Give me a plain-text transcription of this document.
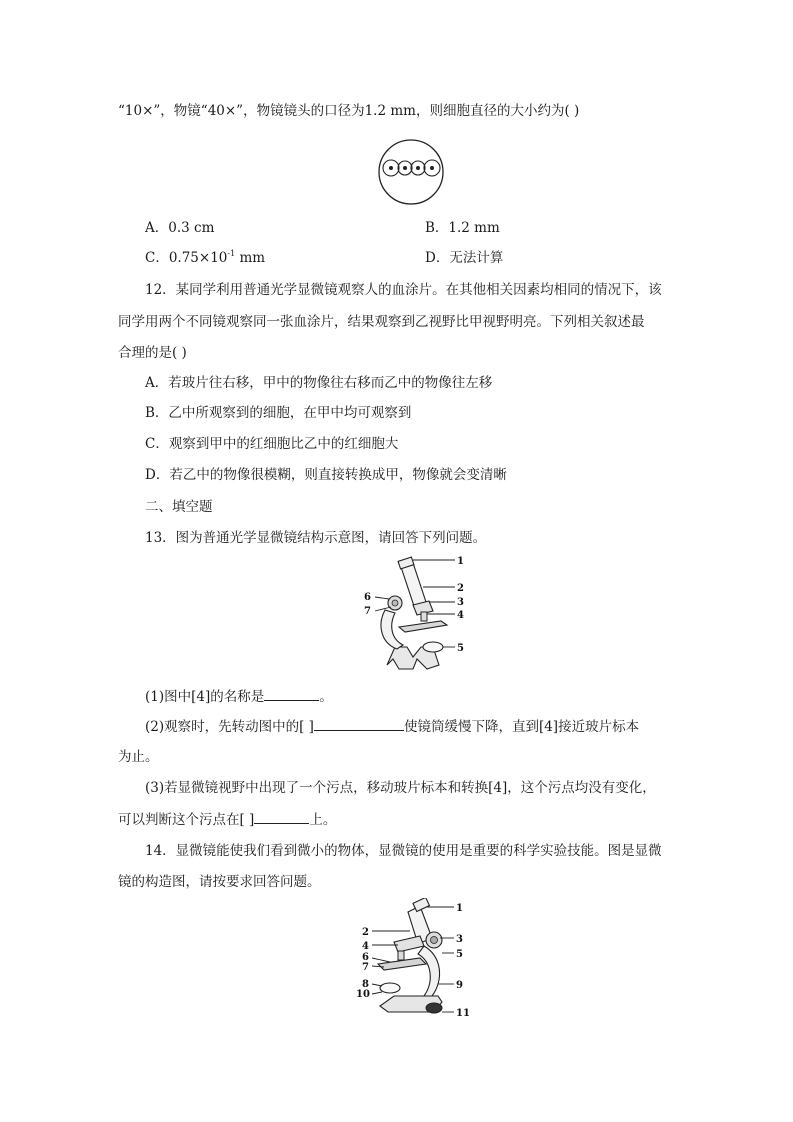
“10×”，物镜“40×”，物镜镜头的口径为1.2 mm，则细胞直径的大小约为( )
A．0.3 cm	B．1.2 mm
C．$0.75\times 10^{-1}$ mm	D．无法计算
12．某同学利用普通光学显微镜观察人的血涂片。在其他相关因素均相同的情况下，该
同学用两个不同镜观察同一张血涂片，结果观察到乙视野比甲视野明亮。下列相关叙述最
合理的是( )
A．若玻片往右移，甲中的物像往右移而乙中的物像往左移
B．乙中所观察到的细胞，在甲中均可观察到
C．观察到甲中的红细胞比乙中的红细胞大
D．若乙中的物像很模糊，则直接转换成甲，物像就会变清晰
二、填空题
13．图为普通光学显微镜结构示意图，请回答下列问题。
1
2
3
4
5
6
7
(1)图中[4]的名称是	。
(2)观察时，先转动图中的[ ]	使镜筒缓慢下降，直到[4]接近玻片标本
为止。
(3)若显微镜视野中出现了一个污点，移动玻片标本和转换[4]，这个污点均没有变化，
可以判断这个污点在[ ]	上。
14．显微镜能使我们看到微小的物体，显微镜的使用是重要的科学实验技能。图是显微
镜的构造图，请按要求回答问题。
1
2
3
4
5
6
7
8	9
10
11
